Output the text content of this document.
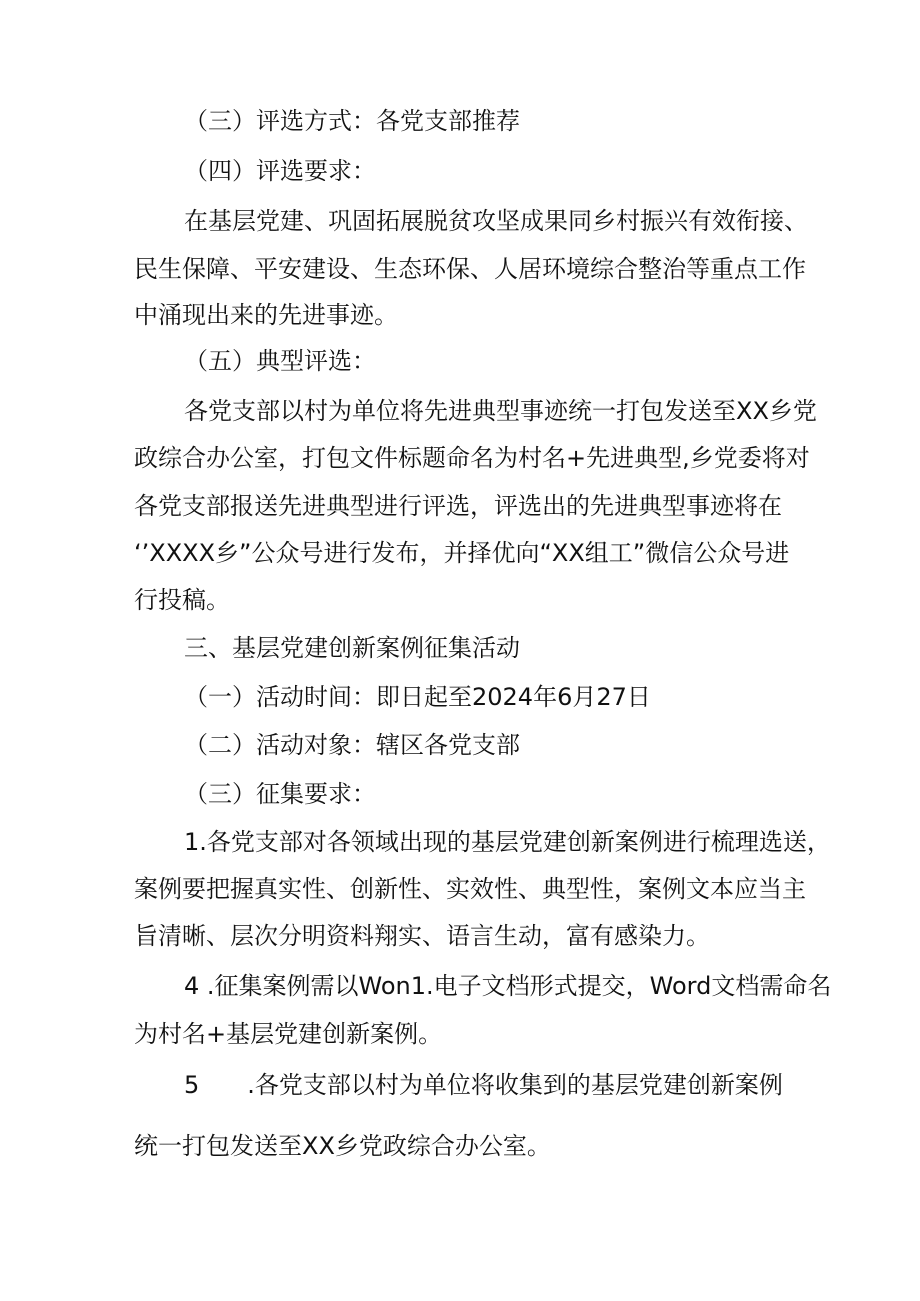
（三）评选方式：各党支部推荐
（四）评选要求：
在基层党建、巩固拓展脱贫攻坚成果同乡村振兴有效衔接、
民生保障、平安建设、生态环保、人居环境综合整治等重点工作
中涌现出来的先进事迹。
（五）典型评选：
各党支部以村为单位将先进典型事迹统一打包发送至XX乡党
政综合办公室，打包文件标题命名为村名+先进典型,乡党委将对
各党支部报送先进典型进行评选，评选出的先进典型事迹将在
‘’XXXX乡”公众号进行发布，并择优向“XX组工”微信公众号进
行投稿。
三、基层党建创新案例征集活动
（一）活动时间：即日起至2024年6月27日
（二）活动对象：辖区各党支部
（三）征集要求：
1.各党支部对各领域出现的基层党建创新案例进行梳理选送，
案例要把握真实性、创新性、实效性、典型性，案例文本应当主
旨清晰、层次分明资料翔实、语言生动，富有感染力。
4 .征集案例需以Won1.电子文档形式提交，Word文档需命名
为村名+基层党建创新案例。
5　　.各党支部以村为单位将收集到的基层党建创新案例
统一打包发送至XX乡党政综合办公室。
